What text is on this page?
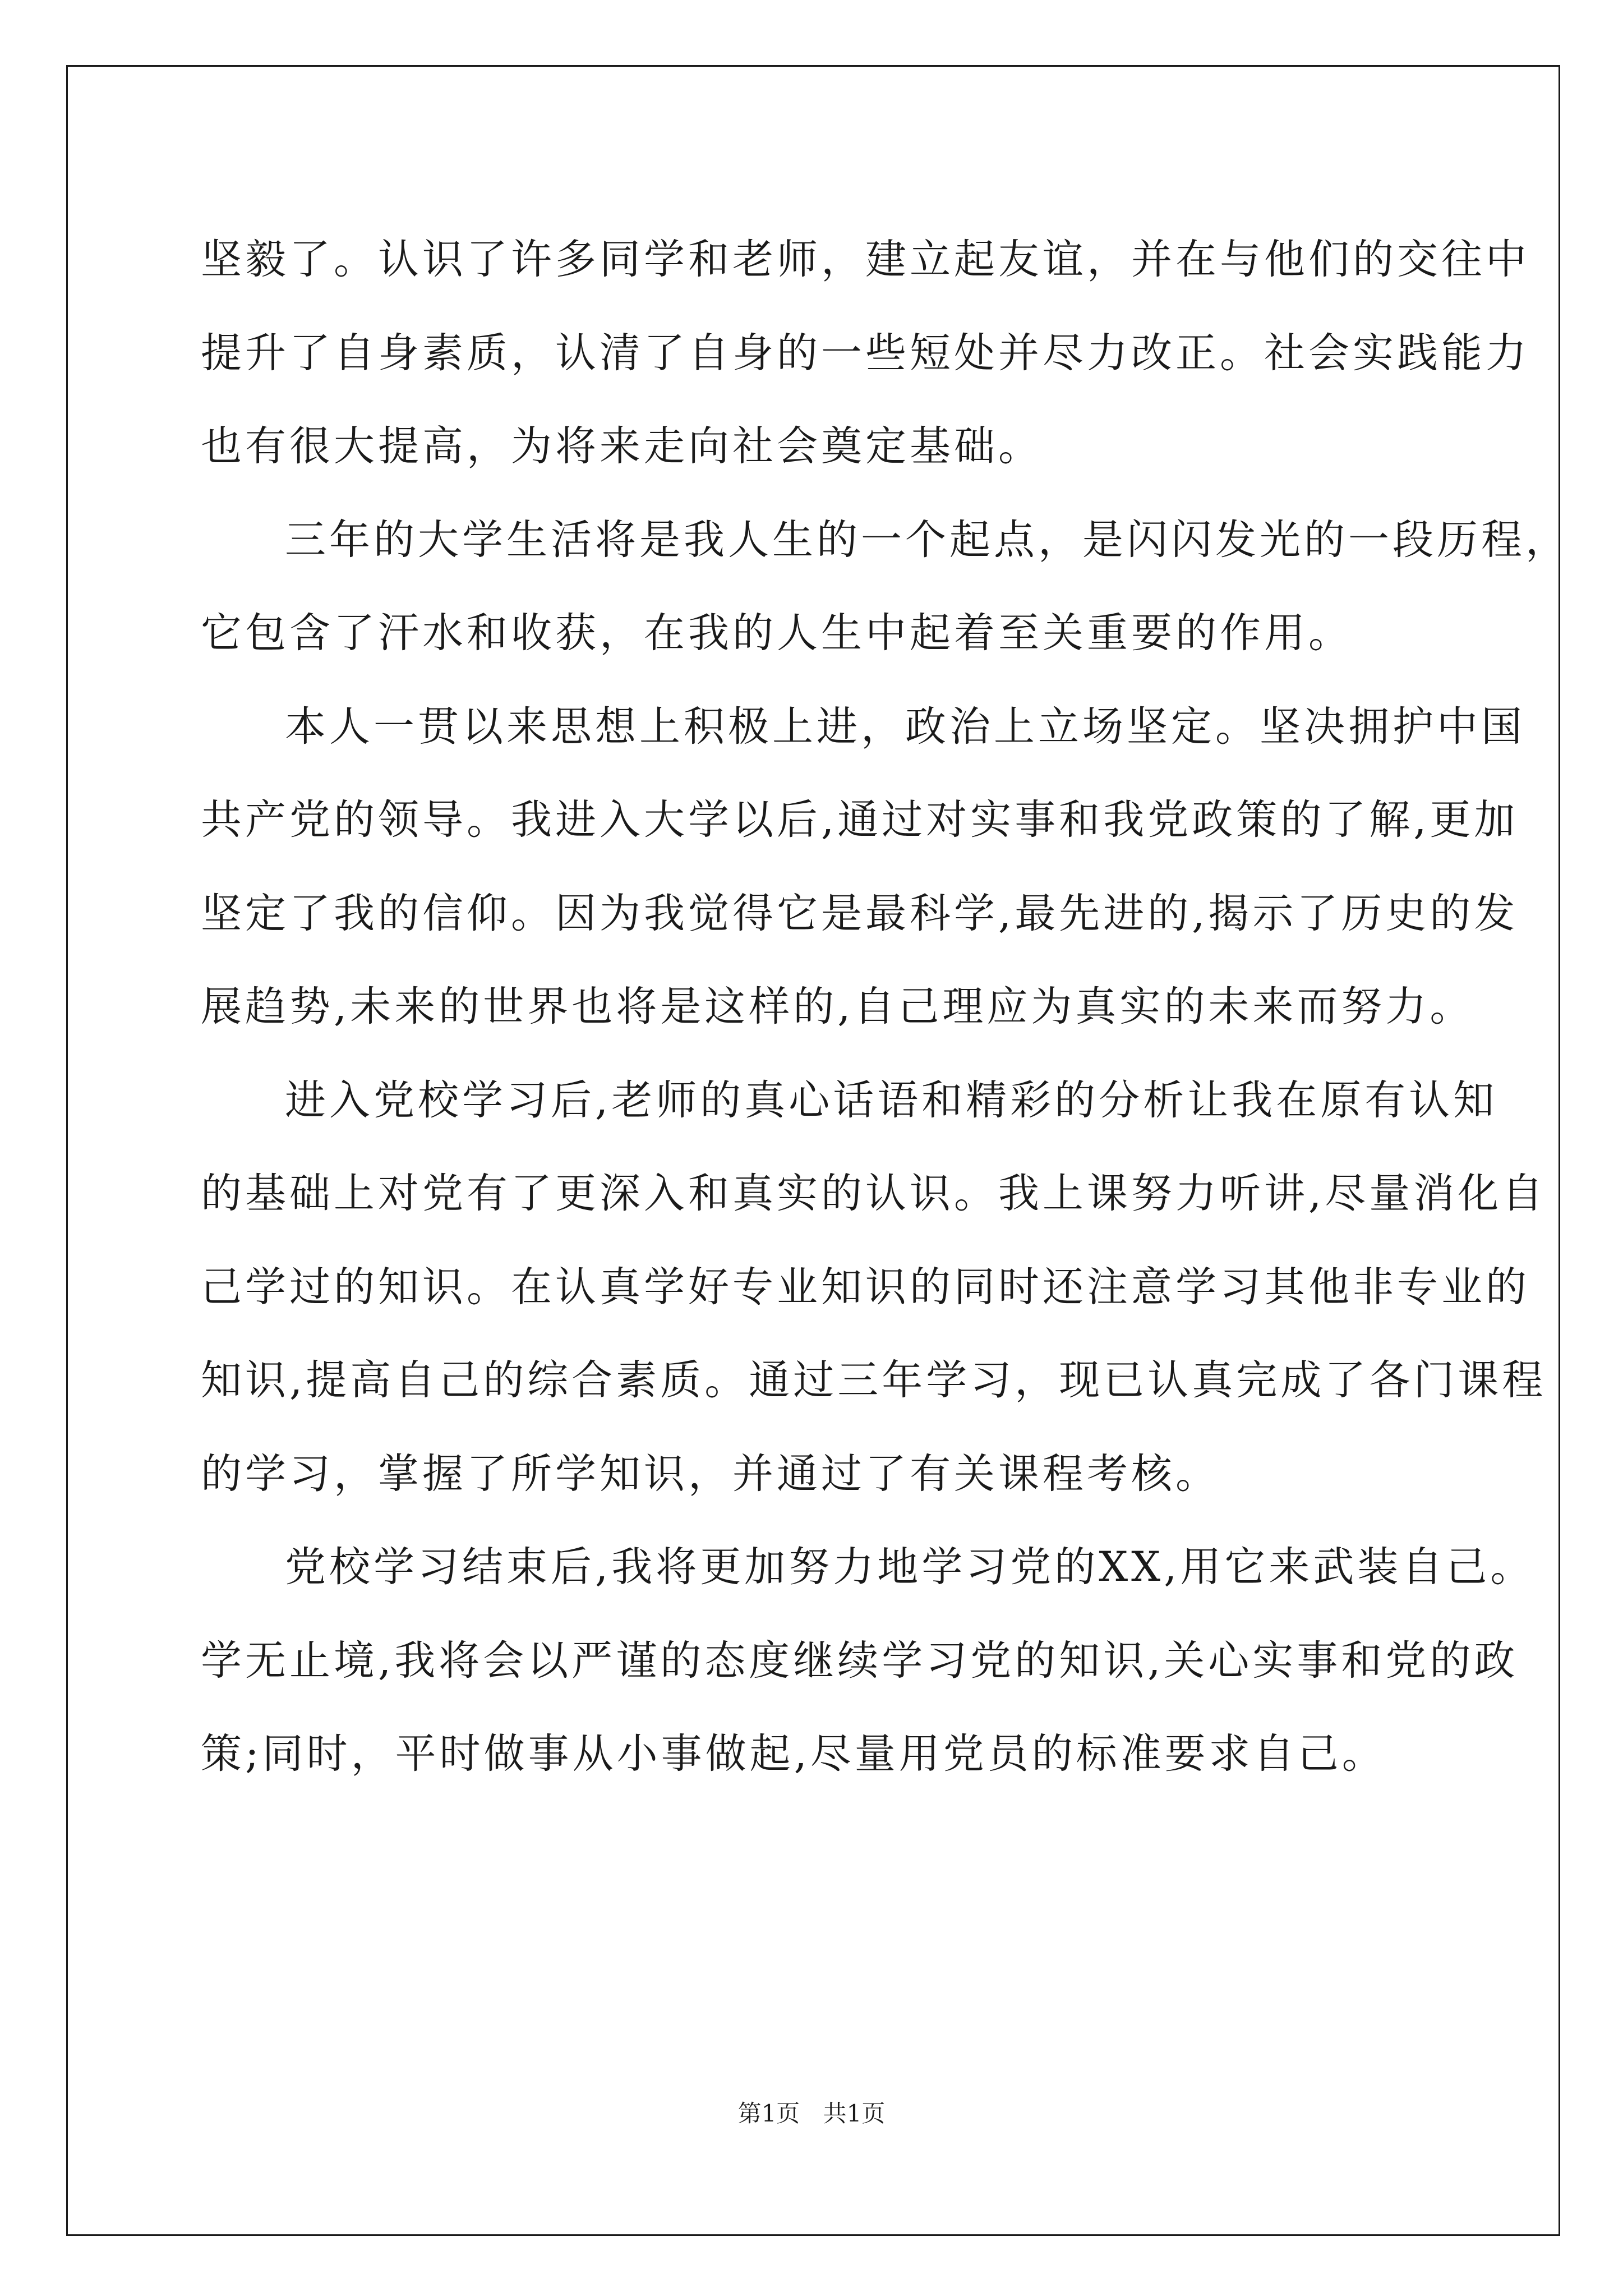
坚毅了。认识了许多同学和老师，建立起友谊，并在与他们的交往中
提升了自身素质，认清了自身的一些短处并尽力改正。社会实践能力
也有很大提高，为将来走向社会奠定基础。
三年的大学生活将是我人生的一个起点，是闪闪发光的一段历程，
它包含了汗水和收获，在我的人生中起着至关重要的作用。
本人一贯以来思想上积极上进，政治上立场坚定。坚决拥护中国
共产党的领导。我进入大学以后,通过对实事和我党政策的了解,更加
坚定了我的信仰。因为我觉得它是最科学,最先进的,揭示了历史的发
展趋势,未来的世界也将是这样的,自己理应为真实的未来而努力。
进入党校学习后,老师的真心话语和精彩的分析让我在原有认知
的基础上对党有了更深入和真实的认识。我上课努力听讲,尽量消化自
己学过的知识。在认真学好专业知识的同时还注意学习其他非专业的
知识,提高自己的综合素质。通过三年学习，现已认真完成了各门课程
的学习，掌握了所学知识，并通过了有关课程考核。
党校学习结束后,我将更加努力地学习党的XX,用它来武装自己。
学无止境,我将会以严谨的态度继续学习党的知识,关心实事和党的政
策;同时，平时做事从小事做起,尽量用党员的标准要求自己。
第1页 共1页
